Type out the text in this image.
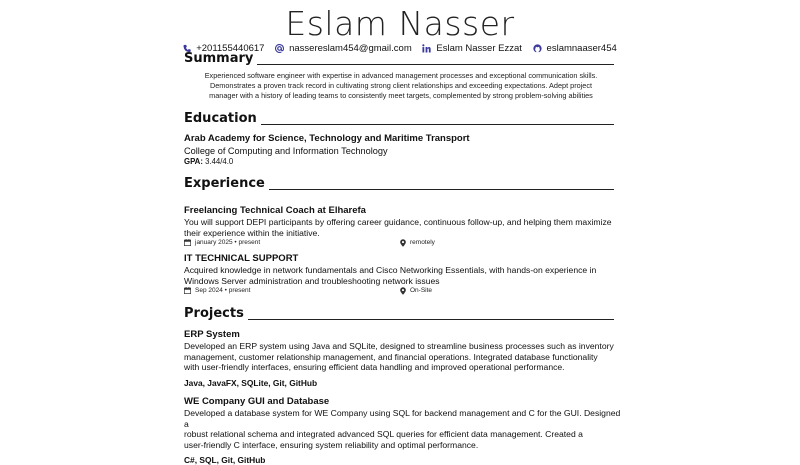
Eslam Nasser
+201155440617
	nassereslam454@gmail.com
	Eslam Nasser Ezzat
	eslamnaaser454
Summary
Experienced software engineer with expertise in advanced management processes and exceptional communication skills.
Demonstrates a proven track record in cultivating strong client relationships and exceeding expectations. Adept project
manager with a history of leading teams to consistently meet targets, complemented by strong problem-solving abilities
Education
Arab Academy for Science, Technology and Maritime Transport
College of Computing and Information Technology
GPA: 3.44/4.0
Experience
Freelancing Technical Coach at Elharefa
You will support DEPI participants by offering career guidance, continuous follow-up, and helping them maximize
their experience within the initiative.
january 2025 • present	remotely
IT TECHNICAL SUPPORT
Acquired knowledge in network fundamentals and Cisco Networking Essentials, with hands-on experience in
Windows Server administration and troubleshooting network issues
Sep 2024 • present	On-Site
Projects
ERP System
Developed an ERP system using Java and SQLite, designed to streamline business processes such as inventory
management, customer relationship management, and financial operations. Integrated database functionality
with user-friendly interfaces, ensuring efficient data handling and improved operational performance.
Java, JavaFX, SQLite, Git, GitHub
WE Company GUI and Database
Developed a database system for WE Company using SQL for backend management and C for the GUI. Designed a
robust relational schema and integrated advanced SQL queries for efficient data management. Created a
user-friendly C interface, ensuring system reliability and optimal performance.
C#, SQL, Git, GitHub
